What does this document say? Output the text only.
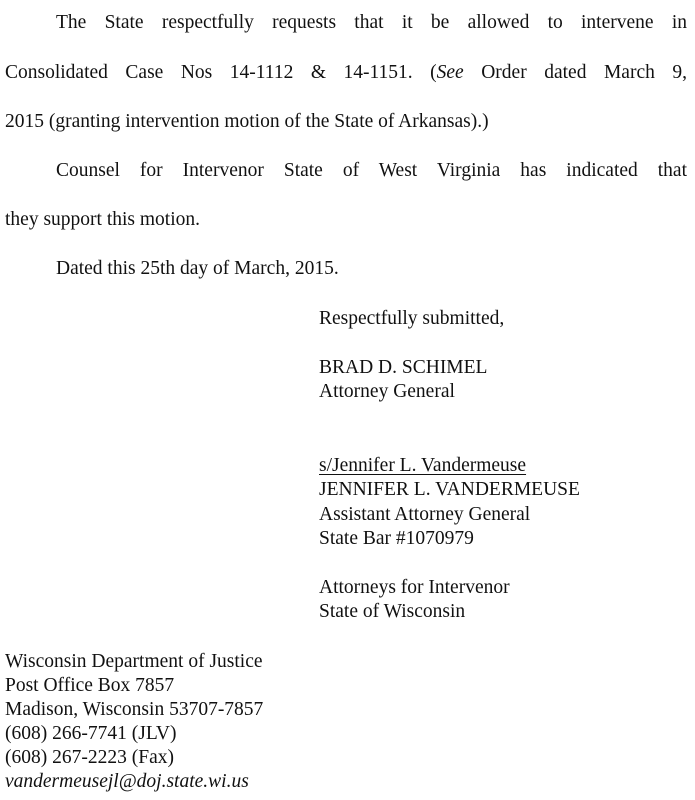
The State respectfully requests that it be allowed to intervene in
Consolidated Case Nos 14-1112 & 14-1151. (See Order dated March 9,
2015 (granting intervention motion of the State of Arkansas).)
Counsel for Intervenor State of West Virginia has indicated that
they support this motion.
Dated this 25th day of March, 2015.
Respectfully submitted,
BRAD D. SCHIMEL
Attorney General
s/Jennifer L. Vandermeuse
JENNIFER L. VANDERMEUSE
Assistant Attorney General
State Bar #1070979
Attorneys for Intervenor
State of Wisconsin
Wisconsin Department of Justice
Post Office Box 7857
Madison, Wisconsin 53707-7857
(608) 266-7741 (JLV)
(608) 267-2223 (Fax)
vandermeusejl@doj.state.wi.us
